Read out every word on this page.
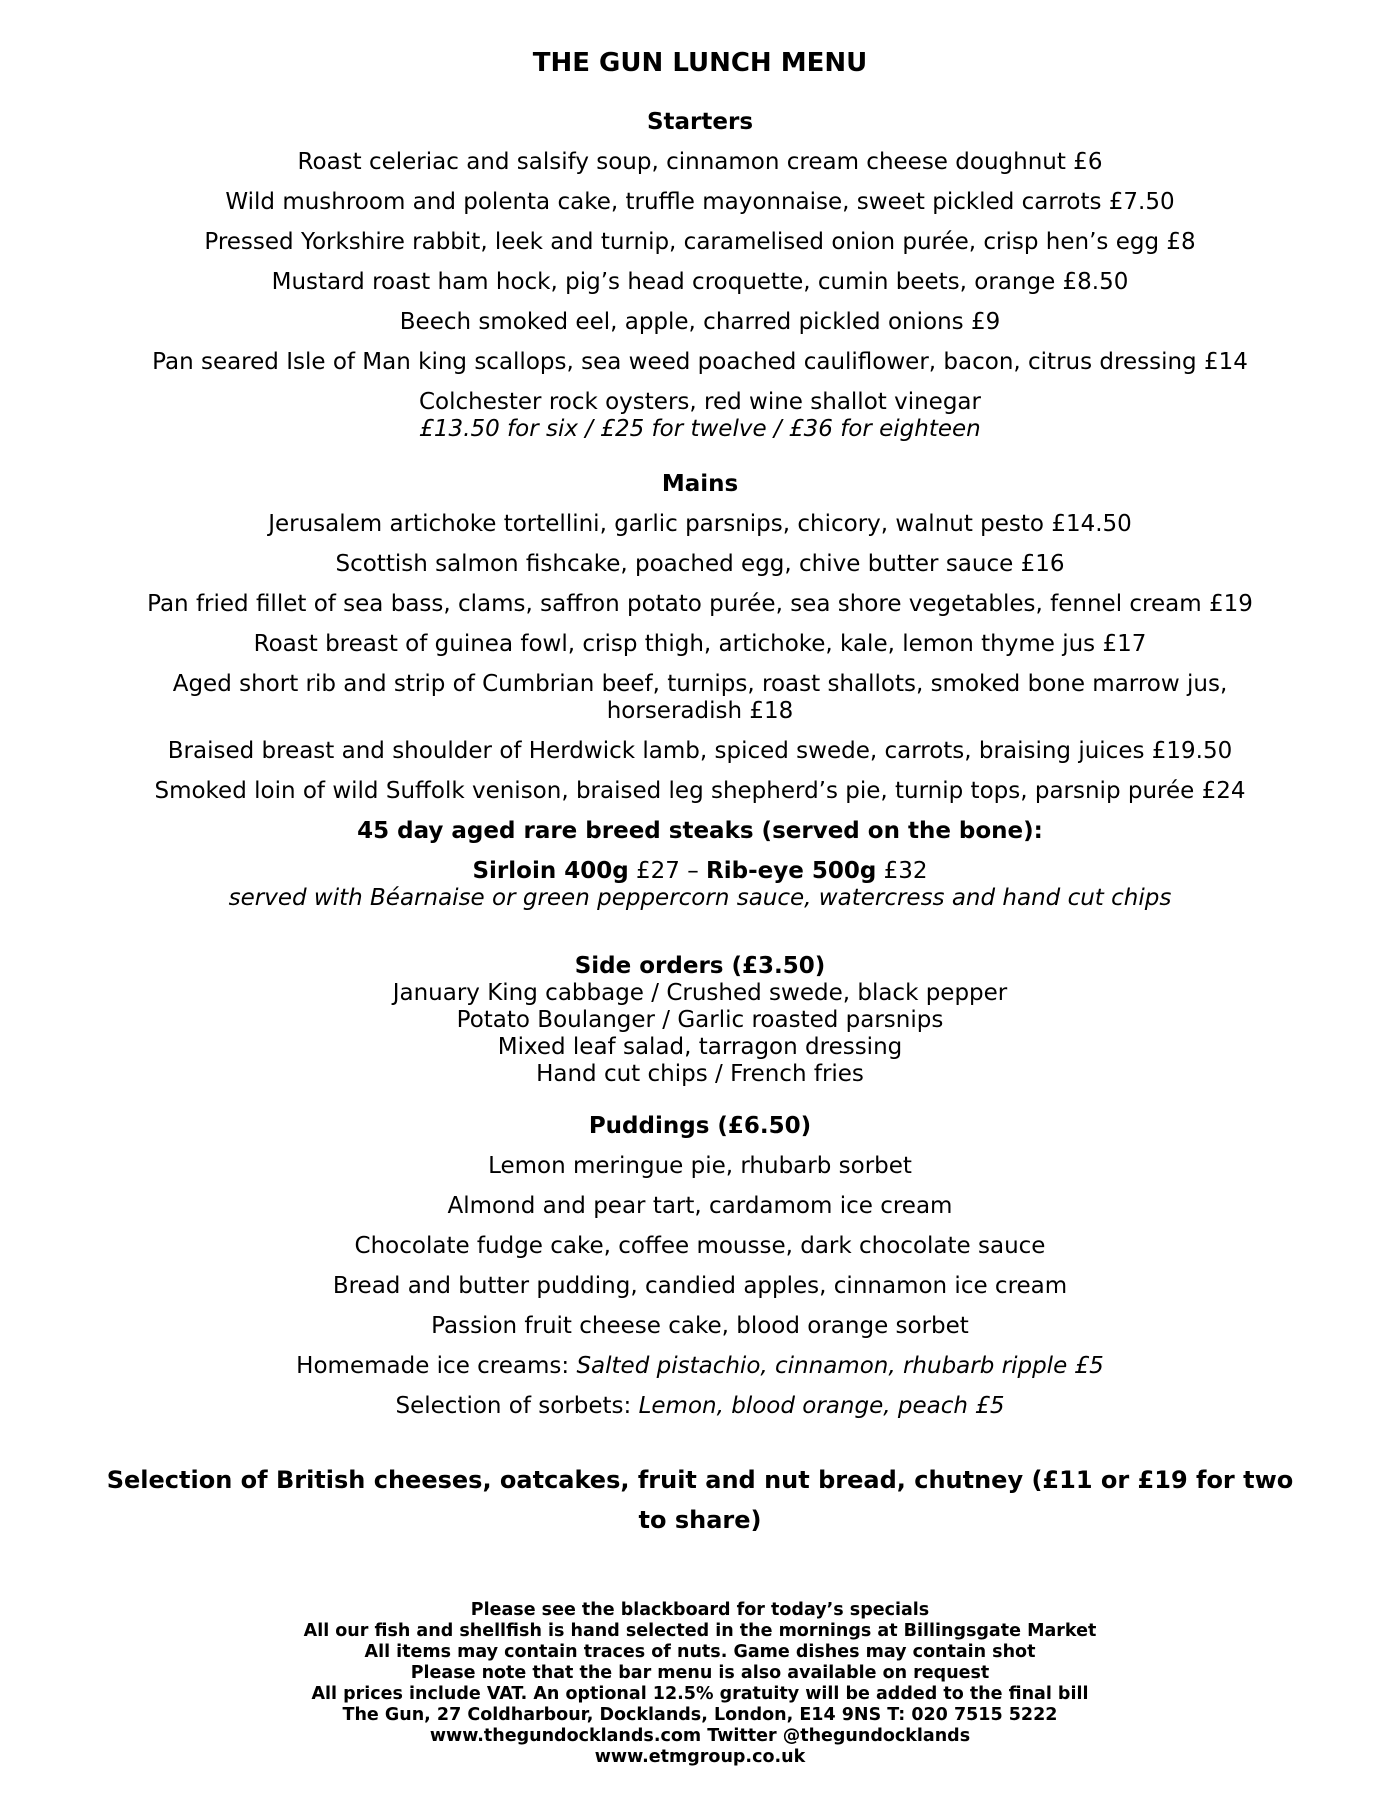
THE GUN LUNCH MENU
Starters
Roast celeriac and salsify soup, cinnamon cream cheese doughnut £6
Wild mushroom and polenta cake, truffle mayonnaise, sweet pickled carrots £7.50
Pressed Yorkshire rabbit, leek and turnip, caramelised onion purée, crisp hen’s egg £8
Mustard roast ham hock, pig’s head croquette, cumin beets, orange £8.50
Beech smoked eel, apple, charred pickled onions £9
Pan seared Isle of Man king scallops, sea weed poached cauliflower, bacon, citrus dressing £14
Colchester rock oysters, red wine shallot vinegar
£13.50 for six / £25 for twelve / £36 for eighteen
Mains
Jerusalem artichoke tortellini, garlic parsnips, chicory, walnut pesto £14.50
Scottish salmon fishcake, poached egg, chive butter sauce £16
Pan fried fillet of sea bass, clams, saffron potato purée, sea shore vegetables, fennel cream £19
Roast breast of guinea fowl, crisp thigh, artichoke, kale, lemon thyme jus £17
Aged short rib and strip of Cumbrian beef, turnips, roast shallots, smoked bone marrow jus,
horseradish £18
Braised breast and shoulder of Herdwick lamb, spiced swede, carrots, braising juices £19.50
Smoked loin of wild Suffolk venison, braised leg shepherd’s pie, turnip tops, parsnip purée £24
45 day aged rare breed steaks (served on the bone):
Sirloin 400g £27 – Rib-eye 500g £32
served with Béarnaise or green peppercorn sauce, watercress and hand cut chips
Side orders (£3.50)
January King cabbage / Crushed swede, black pepper
Potato Boulanger / Garlic roasted parsnips
Mixed leaf salad, tarragon dressing
Hand cut chips / French fries
Puddings (£6.50)
Lemon meringue pie, rhubarb sorbet
Almond and pear tart, cardamom ice cream
Chocolate fudge cake, coffee mousse, dark chocolate sauce
Bread and butter pudding, candied apples, cinnamon ice cream
Passion fruit cheese cake, blood orange sorbet
Homemade ice creams: Salted pistachio, cinnamon, rhubarb ripple £5
Selection of sorbets: Lemon, blood orange, peach £5
Selection of British cheeses, oatcakes, fruit and nut bread, chutney (£11 or £19 for two to share)
Please see the blackboard for today’s specials
All our fish and shellfish is hand selected in the mornings at Billingsgate Market
All items may contain traces of nuts. Game dishes may contain shot
Please note that the bar menu is also available on request
All prices include VAT. An optional 12.5% gratuity will be added to the final bill
The Gun, 27 Coldharbour, Docklands, London, E14 9NS T: 020 7515 5222
www.thegundocklands.com Twitter @thegundocklands
www.etmgroup.co.uk
